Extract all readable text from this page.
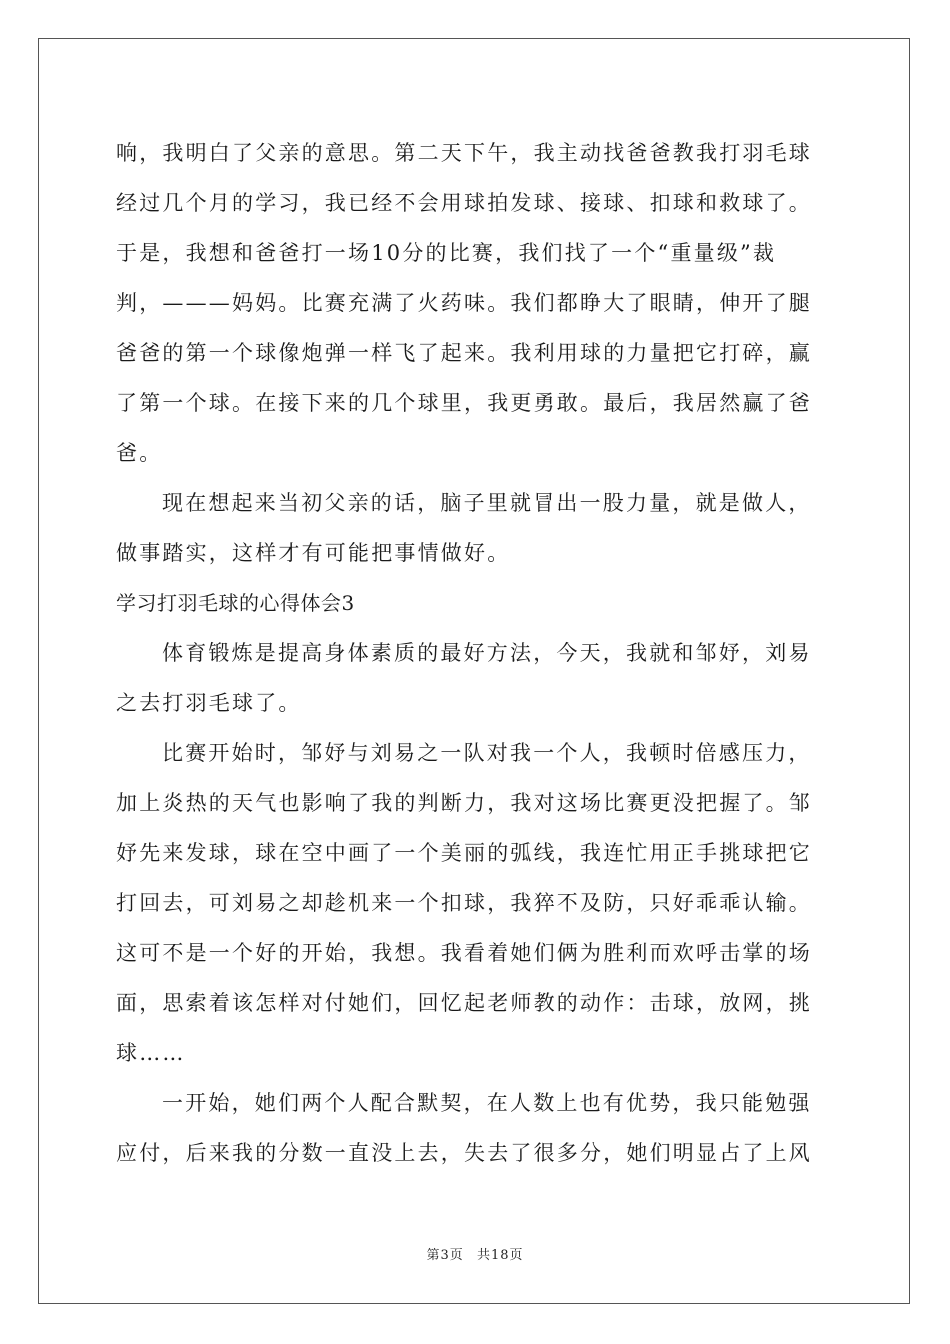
响，我明白了父亲的意思。第二天下午，我主动找爸爸教我打羽毛球
经过几个月的学习，我已经不会用球拍发球、接球、扣球和救球了。
于是，我想和爸爸打一场10分的比赛，我们找了一个“重量级”裁
判，———妈妈。比赛充满了火药味。我们都睁大了眼睛，伸开了腿
爸爸的第一个球像炮弹一样飞了起来。我利用球的力量把它打碎，赢
了第一个球。在接下来的几个球里，我更勇敢。最后，我居然赢了爸
爸。
现在想起来当初父亲的话，脑子里就冒出一股力量，就是做人，
做事踏实，这样才有可能把事情做好。
学习打羽毛球的心得体会3
体育锻炼是提高身体素质的最好方法，今天，我就和邹妤，刘易
之去打羽毛球了。
比赛开始时，邹妤与刘易之一队对我一个人，我顿时倍感压力，
加上炎热的天气也影响了我的判断力，我对这场比赛更没把握了。邹
妤先来发球，球在空中画了一个美丽的弧线，我连忙用正手挑球把它
打回去，可刘易之却趁机来一个扣球，我猝不及防，只好乖乖认输。
这可不是一个好的开始，我想。我看着她们俩为胜利而欢呼击掌的场
面，思索着该怎样对付她们，回忆起老师教的动作：击球，放网，挑
球……
一开始，她们两个人配合默契，在人数上也有优势，我只能勉强
应付，后来我的分数一直没上去，失去了很多分，她们明显占了上风
第3页 共18页
